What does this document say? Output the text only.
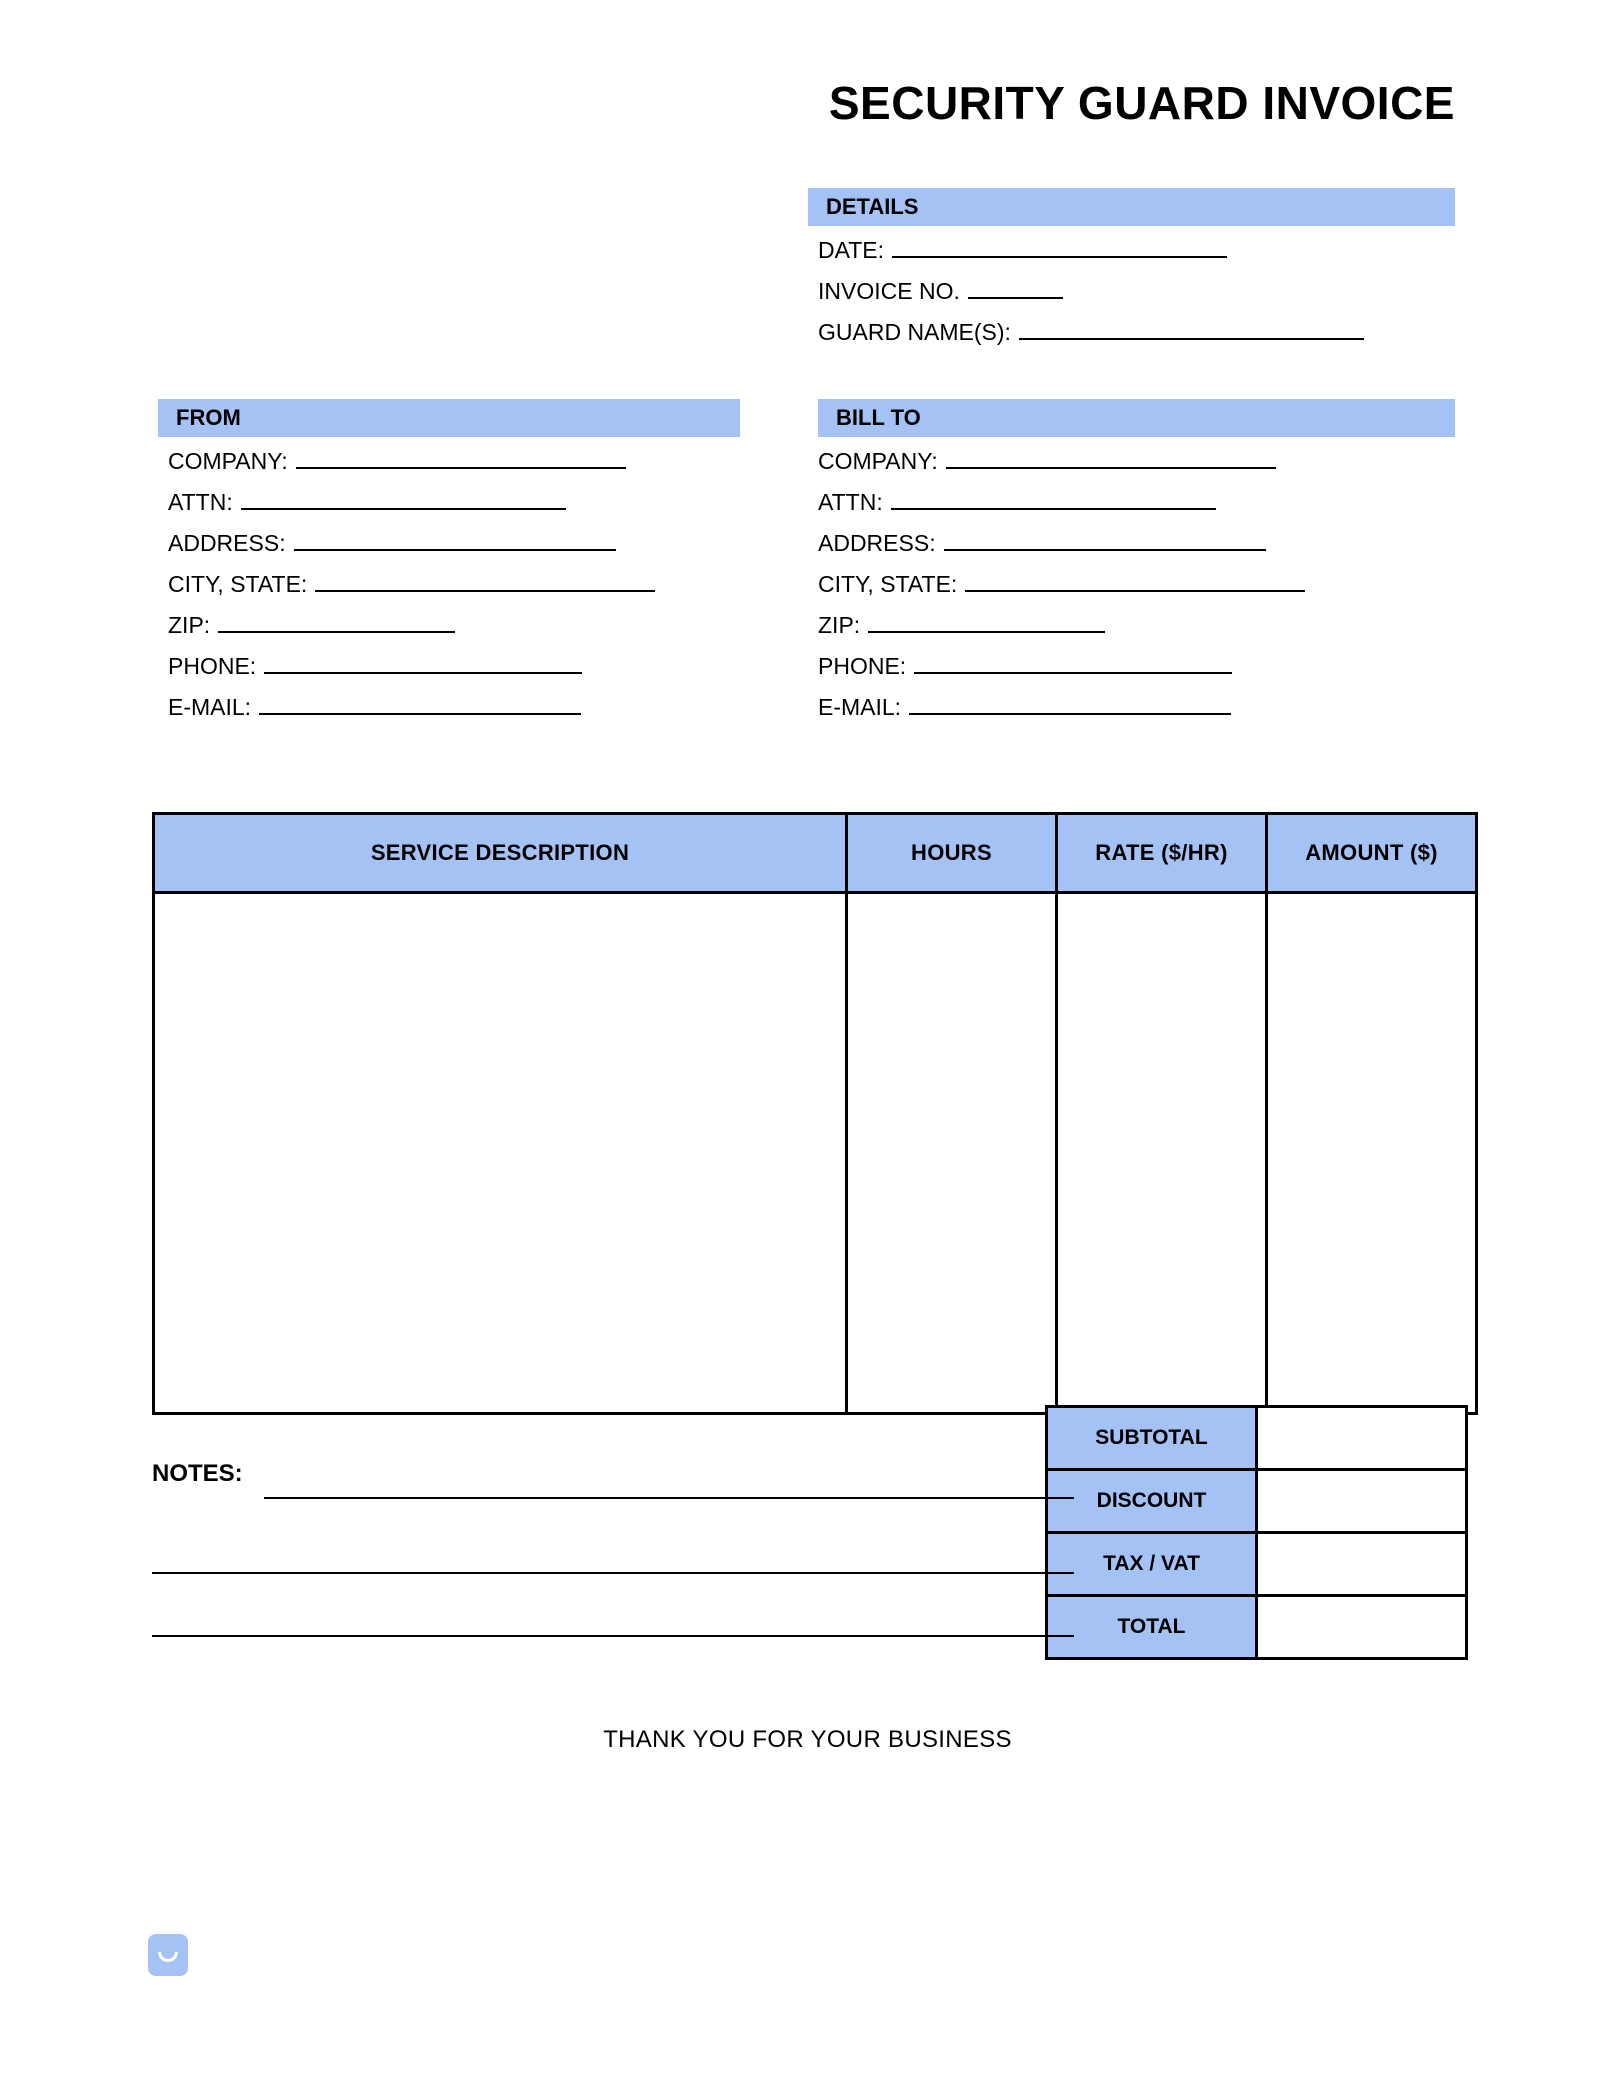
SECURITY GUARD INVOICE
DETAILS
DATE:
INVOICE NO.
GUARD NAME(S):
FROM
COMPANY:
ATTN:
ADDRESS:
CITY, STATE:
ZIP:
PHONE:
E-MAIL:
BILL TO
COMPANY:
ATTN:
ADDRESS:
CITY, STATE:
ZIP:
PHONE:
E-MAIL:
SERVICE DESCRIPTION	HOURS	RATE ($/HR)	AMOUNT ($)

SUBTOTAL	
DISCOUNT	
TAX / VAT	
TOTAL	
NOTES:
THANK YOU FOR YOUR BUSINESS
